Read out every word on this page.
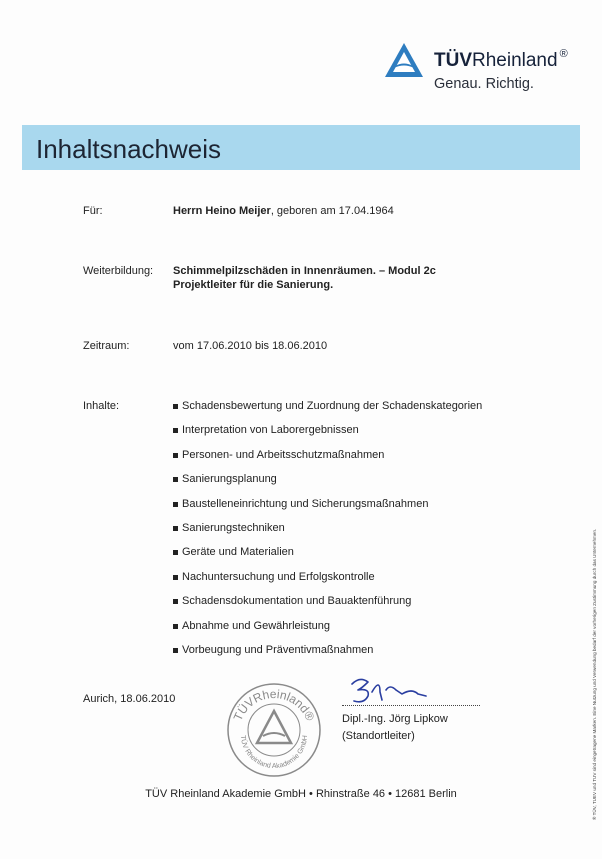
TÜVRheinland ®
Genau. Richtig.
Inhaltsnachweis
Für:	Herrn Heino Meijer, geboren am 17.04.1964
Weiterbildung: Schimmelpilzschäden in Innenräumen. – Modul 2c
Projektleiter für die Sanierung.
Zeitraum:	vom 17.06.2010 bis 18.06.2010
Inhalte:	Schadensbewertung und Zuordnung der Schadenskategorien
Interpretation von Laborergebnissen
Personen- und Arbeitsschutzmaßnahmen
Sanierungsplanung
Baustelleneinrichtung und Sicherungsmaßnahmen
Sanierungstechniken
Geräte und Materialien
Nachuntersuchung und Erfolgskontrolle
Schadensdokumentation und Bauaktenführung
Abnahme und Gewährleistung
Vorbeugung und Präventivmaßnahmen
Aurich, 18.06.2010
TÜVRheinland®
TÜV Rheinland Akademie GmbH
Dipl.-Ing. Jörg Lipkow
(Standortleiter)
TÜV Rheinland Akademie GmbH • Rhinstraße 46 • 12681 Berlin	® TÜV, TUEV und TUV sind eingetragene Marken. Eine Nutzung und Verwendung bedarf der vorherigen Zustimmung durch das Unternehmen.
